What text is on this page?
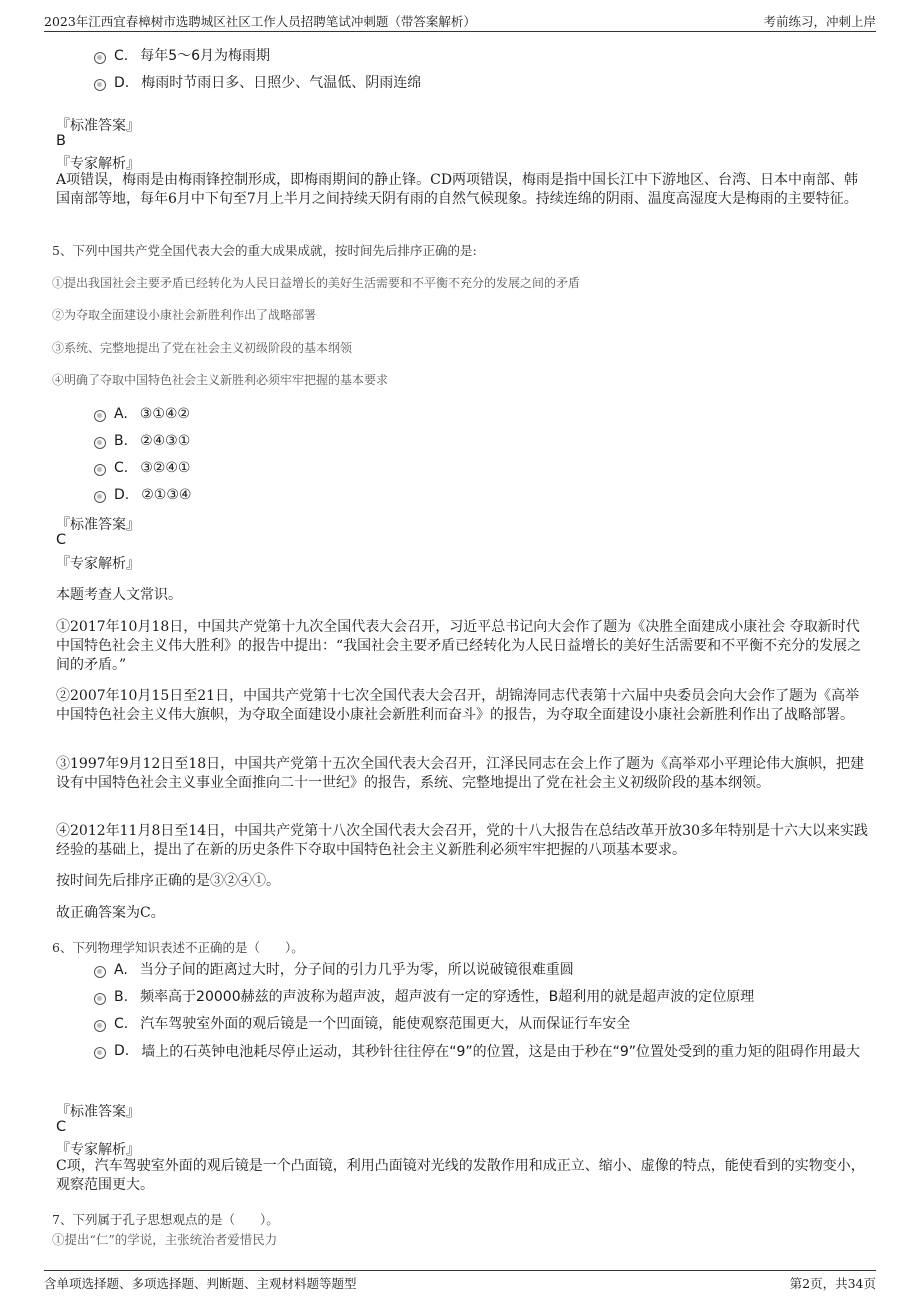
2023年江西宜春樟树市选聘城区社区工作人员招聘笔试冲刺题（带答案解析）	考前练习，冲刺上岸
C. 每年5～6月为梅雨期
D. 梅雨时节雨日多、日照少、气温低、阴雨连绵
『标准答案』
B
『专家解析』
A项错误，梅雨是由梅雨锋控制形成，即梅雨期间的静止锋。CD两项错误，梅雨是指中国长江中下游地区、台湾、日本中南部、韩国南部等地，每年6月中下旬至7月上半月之间持续天阴有雨的自然气候现象。持续连绵的阴雨、温度高湿度大是梅雨的主要特征。
5、下列中国共产党全国代表大会的重大成果成就，按时间先后排序正确的是:
①提出我国社会主要矛盾已经转化为人民日益增长的美好生活需要和不平衡不充分的发展之间的矛盾
②为夺取全面建设小康社会新胜利作出了战略部署
③系统、完整地提出了党在社会主义初级阶段的基本纲领
④明确了夺取中国特色社会主义新胜利必须牢牢把握的基本要求
A. ③①④②
B. ②④③①
C. ③②④①
D. ②①③④
『标准答案』
C
『专家解析』
本题考查人文常识。
①2017年10月18日，中国共产党第十九次全国代表大会召开，习近平总书记向大会作了题为《决胜全面建成小康社会 夺取新时代中国特色社会主义伟大胜利》的报告中提出：“我国社会主要矛盾已经转化为人民日益增长的美好生活需要和不平衡不充分的发展之间的矛盾。”
②2007年10月15日至21日，中国共产党第十七次全国代表大会召开，胡锦涛同志代表第十六届中央委员会向大会作了题为《高举中国特色社会主义伟大旗帜，为夺取全面建设小康社会新胜利而奋斗》的报告，为夺取全面建设小康社会新胜利作出了战略部署。
③1997年9月12日至18日，中国共产党第十五次全国代表大会召开，江泽民同志在会上作了题为《高举邓小平理论伟大旗帜，把建设有中国特色社会主义事业全面推向二十一世纪》的报告，系统、完整地提出了党在社会主义初级阶段的基本纲领。
④2012年11月8日至14日，中国共产党第十八次全国代表大会召开，党的十八大报告在总结改革开放30多年特别是十六大以来实践经验的基础上，提出了在新的历史条件下夺取中国特色社会主义新胜利必须牢牢把握的八项基本要求。
按时间先后排序正确的是③②④①。
故正确答案为C。
6、下列物理学知识表述不正确的是（　　）。
A. 当分子间的距离过大时，分子间的引力几乎为零，所以说破镜很难重圆
B. 频率高于20000赫兹的声波称为超声波，超声波有一定的穿透性，B超利用的就是超声波的定位原理
C. 汽车驾驶室外面的观后镜是一个凹面镜，能使观察范围更大，从而保证行车安全
D. 墙上的石英钟电池耗尽停止运动，其秒针往往停在“9”的位置，这是由于秒在“9”位置处受到的重力矩的阻碍作用最大
『标准答案』
C
『专家解析』
C项，汽车驾驶室外面的观后镜是一个凸面镜，利用凸面镜对光线的发散作用和成正立、缩小、虚像的特点，能使看到的实物变小，观察范围更大。
7、下列属于孔子思想观点的是（　　）。
①提出“仁”的学说，主张统治者爱惜民力
含单项选择题、多项选择题、判断题、主观材料题等题型	第2页，共34页
